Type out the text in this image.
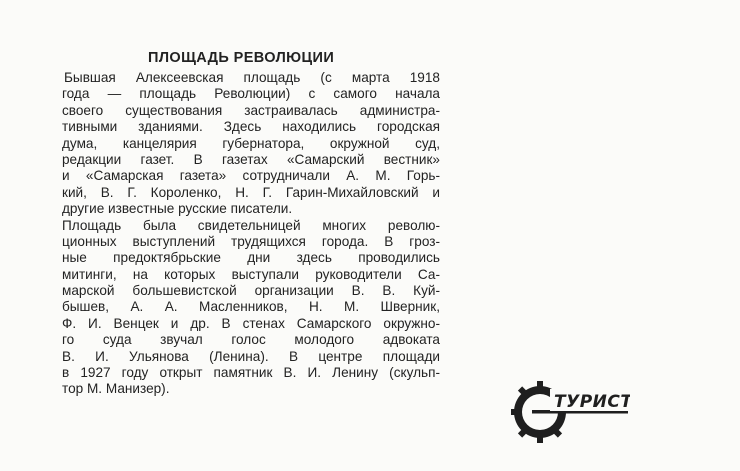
ПЛОЩАДЬ РЕВОЛЮЦИИ
Бывшая Алексеевская площадь (с марта 1918
года — площадь Революции) с самого начала
своего существования застраивалась администра-
тивными зданиями. Здесь находились городская
дума, канцелярия губернатора, окружной суд,
редакции газет. В газетах «Самарский вестник»
и «Самарская газета» сотрудничали А. М. Горь-
кий, В. Г. Короленко, Н. Г. Гарин-Михайловский и
другие известные русские писатели.
Площадь была свидетельницей многих револю-
ционных выступлений трудящихся города. В гроз-
ные предоктябрьские дни здесь проводились
митинги, на которых выступали руководители Са-
марской большевистской организации В. В. Куй-
бышев, А. А. Масленников, Н. М. Шверник,
Ф. И. Венцек и др. В стенах Самарского окружно-
го суда звучал голос молодого адвоката
В. И. Ульянова (Ленина). В центре площади
в 1927 году открыт памятник В. И. Ленину (скульп-
тор М. Манизер).
ТУРИСТ
